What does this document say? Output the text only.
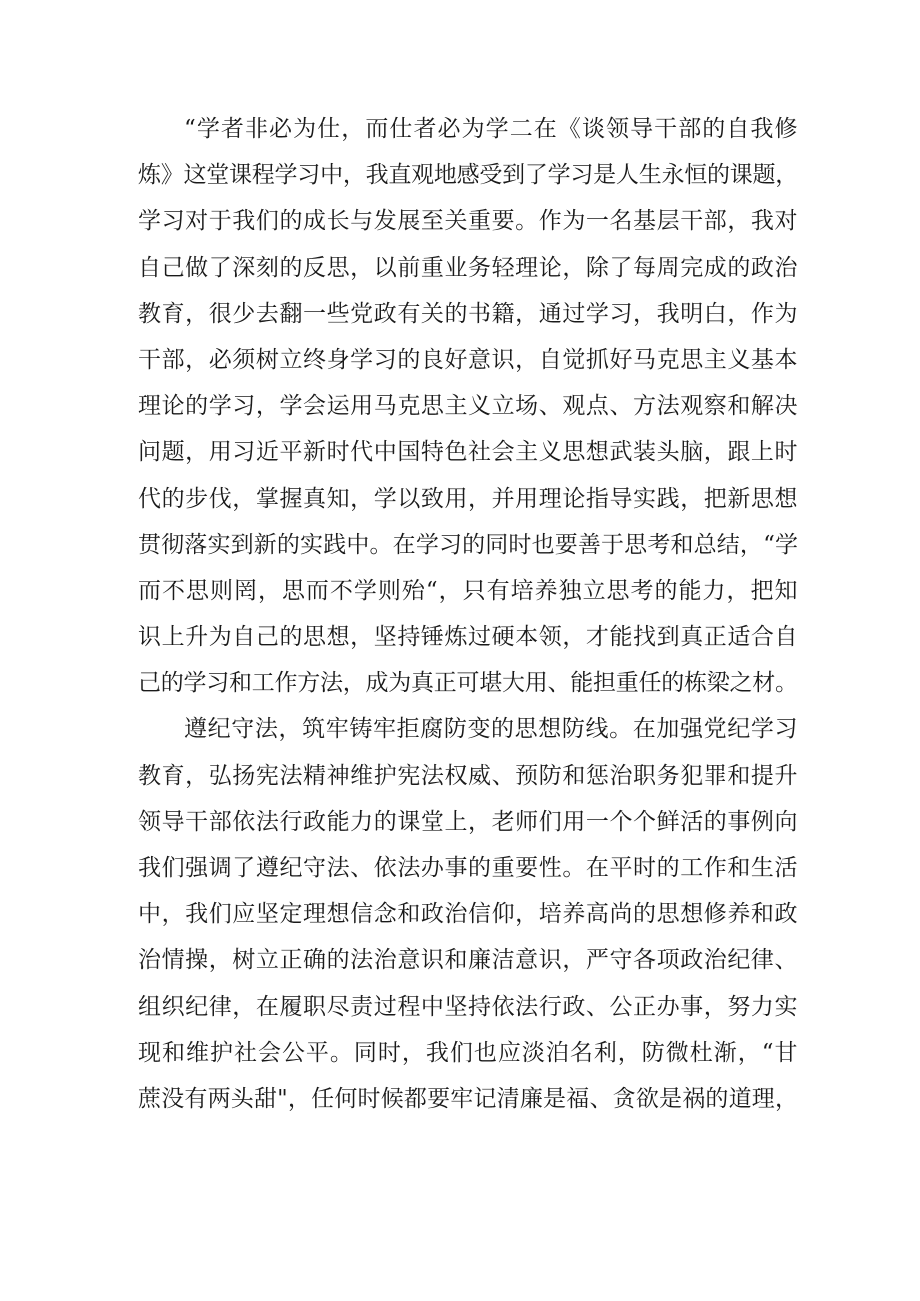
“学者非必为仕，而仕者必为学二在《谈领导干部的自我修
炼》这堂课程学习中，我直观地感受到了学习是人生永恒的课题，
学习对于我们的成长与发展至关重要。作为一名基层干部，我对
自己做了深刻的反思，以前重业务轻理论，除了每周完成的政治
教育，很少去翻一些党政有关的书籍，通过学习，我明白，作为
干部，必须树立终身学习的良好意识，自觉抓好马克思主义基本
理论的学习，学会运用马克思主义立场、观点、方法观察和解决
问题，用习近平新时代中国特色社会主义思想武装头脑，跟上时
代的步伐，掌握真知，学以致用，并用理论指导实践，把新思想
贯彻落实到新的实践中。在学习的同时也要善于思考和总结，“学
而不思则罔，思而不学则殆“，只有培养独立思考的能力，把知
识上升为自己的思想，坚持锤炼过硬本领，才能找到真正适合自
己的学习和工作方法，成为真正可堪大用、能担重任的栋梁之材。
遵纪守法，筑牢铸牢拒腐防变的思想防线。在加强党纪学习
教育，弘扬宪法精神维护宪法权威、预防和惩治职务犯罪和提升
领导干部依法行政能力的课堂上，老师们用一个个鲜活的事例向
我们强调了遵纪守法、依法办事的重要性。在平时的工作和生活
中，我们应坚定理想信念和政治信仰，培养高尚的思想修养和政
治情操，树立正确的法治意识和廉洁意识，严守各项政治纪律、
组织纪律，在履职尽责过程中坚持依法行政、公正办事，努力实
现和维护社会公平。同时，我们也应淡泊名利，防微杜渐，“甘
蔗没有两头甜"，任何时候都要牢记清廉是福、贪欲是祸的道理，
